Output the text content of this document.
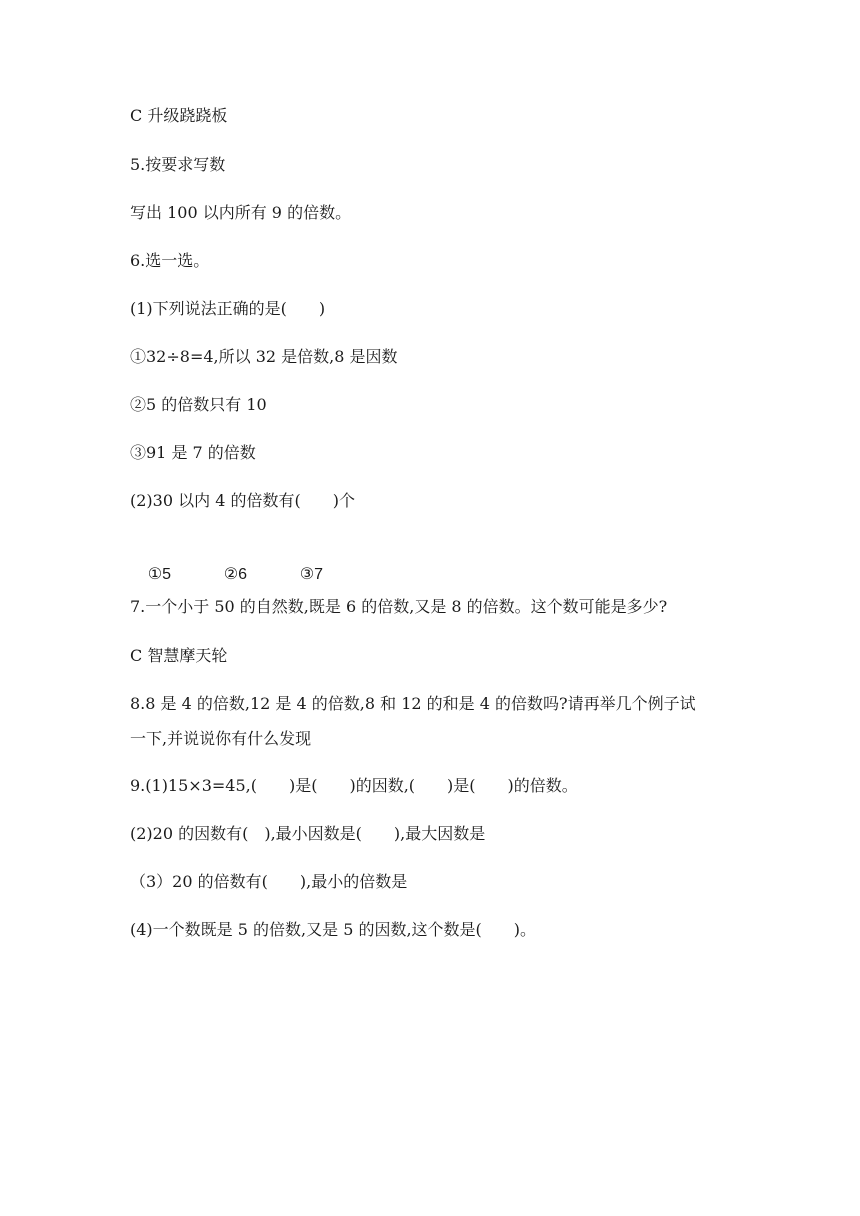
C 升级跷跷板

5.按要求写数

写出 100 以内所有 9 的倍数。

6.选一选。

(1)下列说法正确的是(　　)

①32÷8=4,所以 32 是倍数,8 是因数

②5 的倍数只有 10

③91 是 7 的倍数

(2)30 以内 4 的倍数有(　　)个

①5	②6	③7

7.一个小于 50 的自然数,既是 6 的倍数,又是 8 的倍数。这个数可能是多少?

C 智慧摩天轮

8.8 是 4 的倍数,12 是 4 的倍数,8 和 12 的和是 4 的倍数吗?请再举几个例子试

一下,并说说你有什么发现

9.(1)15×3=45,(　　)是(　　)的因数,(　　)是(　　)的倍数。

(2)20 的因数有(　),最小因数是(　　),最大因数是

（3）20 的倍数有(　　),最小的倍数是

(4)一个数既是 5 的倍数,又是 5 的因数,这个数是(　　)。
